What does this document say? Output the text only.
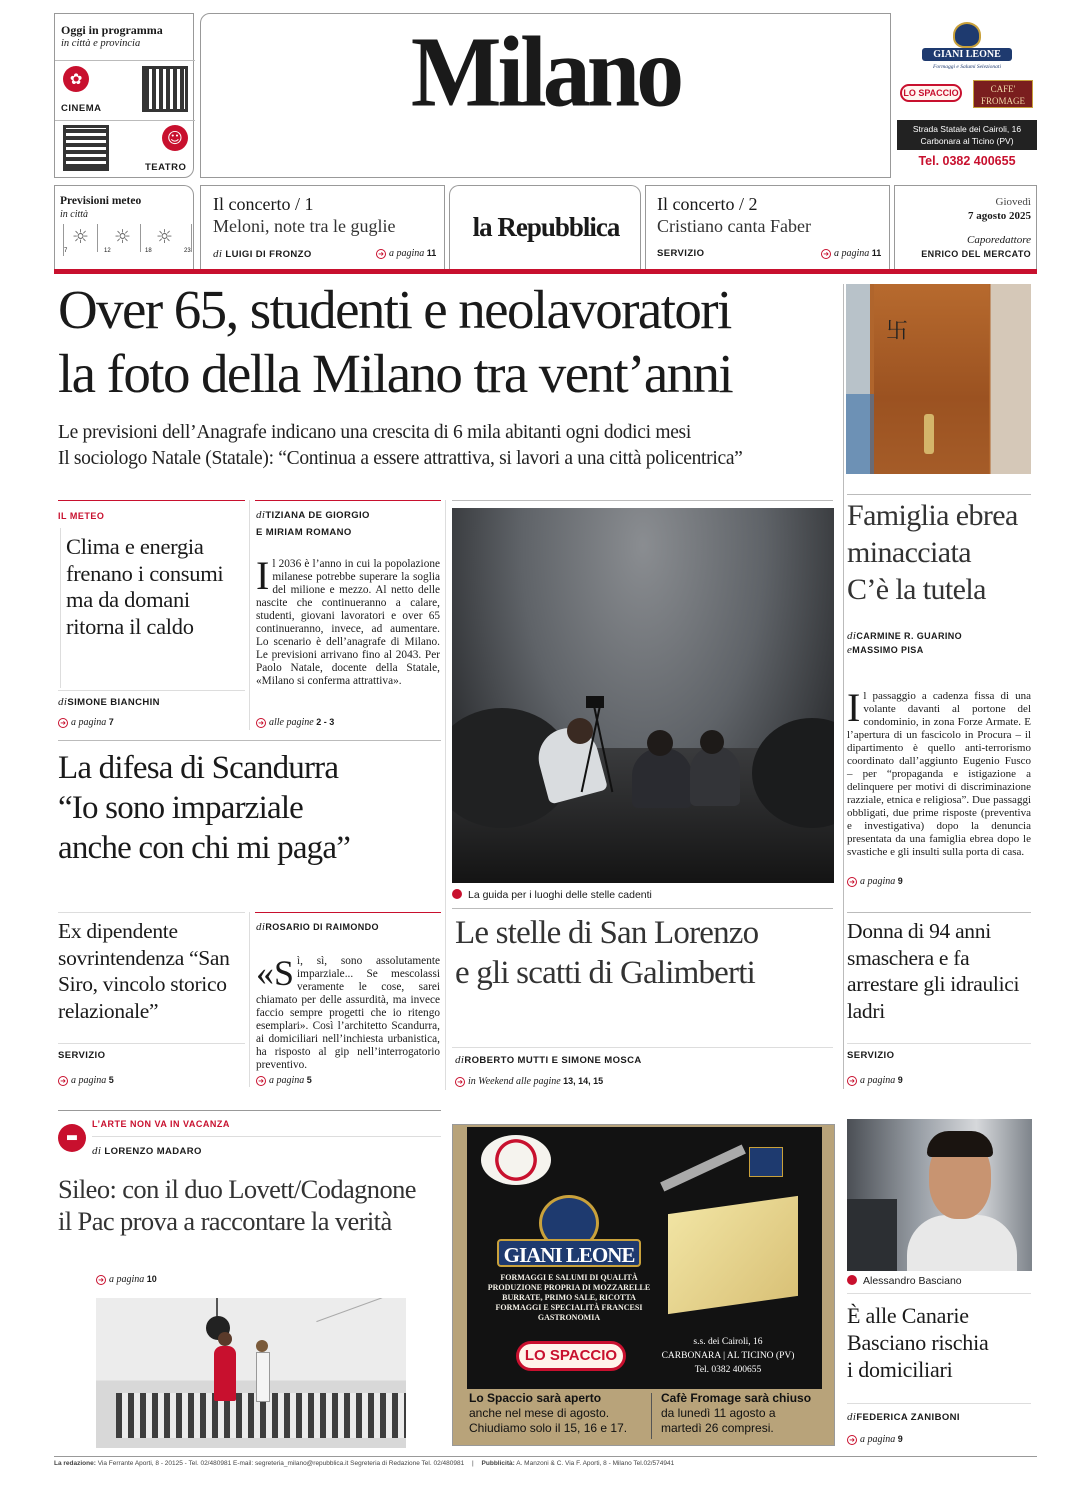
Oggi in programma
in città e provincia
✿
CINEMA
☺
TEATRO
Milano	GIANI LEONE
Formaggi e Salumi Selezionati
LO SPACCIO	CAFE' FROMAGE
Strada Statale dei Cairoli, 16
Carbonara al Ticino (PV)
Tel. 0382 400655
Previsioni meteo
in città
☼ ☼ ☼
7	12	18	23
Il concerto / 1
Meloni, note tra le guglie
di LUIGI DI FRONZO	➜ a pagina 11
la Repubblica
Il concerto / 2
Cristiano canta Faber
SERVIZIO	➜ a pagina 11
Giovedì
7 agosto 2025
Caporedattore
ENRICO DEL MERCATO
Over 65, studenti e neolavoratori
la foto della Milano tra vent’anni
Le previsioni dell’Anagrafe indicano una crescita di 6 mila abitanti ogni dodici mesi
Il sociologo Natale (Statale): “Continua a essere attrattiva, si lavori a una città policentrica”
卐
IL METEO
Clima e energia frenano i consumi ma da domani ritorna il caldo
diSIMONE BIANCHIN
➜ a pagina 7
diTIZIANA DE GIORGIO
E MIRIAM ROMANO
Il 2036 è l’anno in cui la popolazione milanese potrebbe superare la soglia del milione e mezzo. Al netto delle nascite che continueranno a calare, studenti, giovani lavoratori e over 65 continueranno, invece, ad aumentare. Lo scenario è dell’anagrafe di Milano. Le previsioni arrivano fino al 2043. Per Paolo Natale, docente della Statale, «Milano si conferma attrattiva».
➜ alle pagine 2 - 3
La difesa di Scandurra
“Io sono imparziale
anche con chi mi paga”
Ex dipendente sovrintendenza “San Siro, vincolo storico relazionale”
SERVIZIO
➜ a pagina 5
diROSARIO DI RAIMONDO
«Sì, sì, sono assolutamente imparziale... Se mescolassi veramente le cose, sarei chiamato per delle assurdità, ma invece faccio sempre progetti che io ritengo esemplari». Così l’architetto Scandurra, ai domiciliari nell’inchiesta urbanistica, ha risposto al gip nell’interrogatorio preventivo.
➜ a pagina 5
La guida per i luoghi delle stelle cadenti
Le stelle di San Lorenzo
e gli scatti di Galimberti
diROBERTO MUTTI E SIMONE MOSCA
➜ in Weekend alle pagine 13, 14, 15
Famiglia ebrea
minacciata
C’è la tutela
diCARMINE R. GUARINO
eMASSIMO PISA
Il passaggio a cadenza fissa di una volante davanti al portone del condominio, in zona Forze Armate. E l’apertura di un fascicolo in Procura – il dipartimento è quello anti-terrorismo coordinato dall’aggiunto Eugenio Fusco – per “propaganda e istigazione a delinquere per motivi di discriminazione razziale, etnica e religiosa”. Due passaggi obbligati, due prime risposte (preventiva e investigativa) dopo la denuncia presentata da una famiglia ebrea dopo le svastiche e gli insulti sulla porta di casa.
➜ a pagina 9
Donna di 94 anni smaschera e fa arrestare gli idraulici ladri
SERVIZIO
➜ a pagina 9
▬
L’ARTE NON VA IN VACANZA
di LORENZO MADARO
Sileo: con il duo Lovett/Codagnone
il Pac prova a raccontare la verità
➜ a pagina 10
GIANI LEONE
FORMAGGI E SALUMI DI QUALITÀ
PRODUZIONE PROPRIA DI MOZZARELLE
BURRATE, PRIMO SALE, RICOTTA
FORMAGGI E SPECIALITÀ FRANCESI
GASTRONOMIA
LO SPACCIO
s.s. dei Cairoli, 16
CARBONARA | AL TICINO (PV)
Tel. 0382 400655
Lo Spaccio sarà aperto
anche nel mese di agosto.
Chiudiamo solo il 15, 16 e 17.
Cafè Fromage sarà chiuso
da lunedì 11 agosto a
martedì 26 compresi.
Alessandro Basciano
È alle Canarie
Basciano rischia
i domiciliari
diFEDERICA ZANIBONI
➜ a pagina 9
La redazione: Via Ferrante Aporti, 8 - 20125 - Tel. 02/480981 E-mail: segreteria_milano@repubblica.it Segreteria di Redazione Tel. 02/480981 | Pubblicità: A. Manzoni & C. Via F. Aporti, 8 - Milano Tel.02/574941
